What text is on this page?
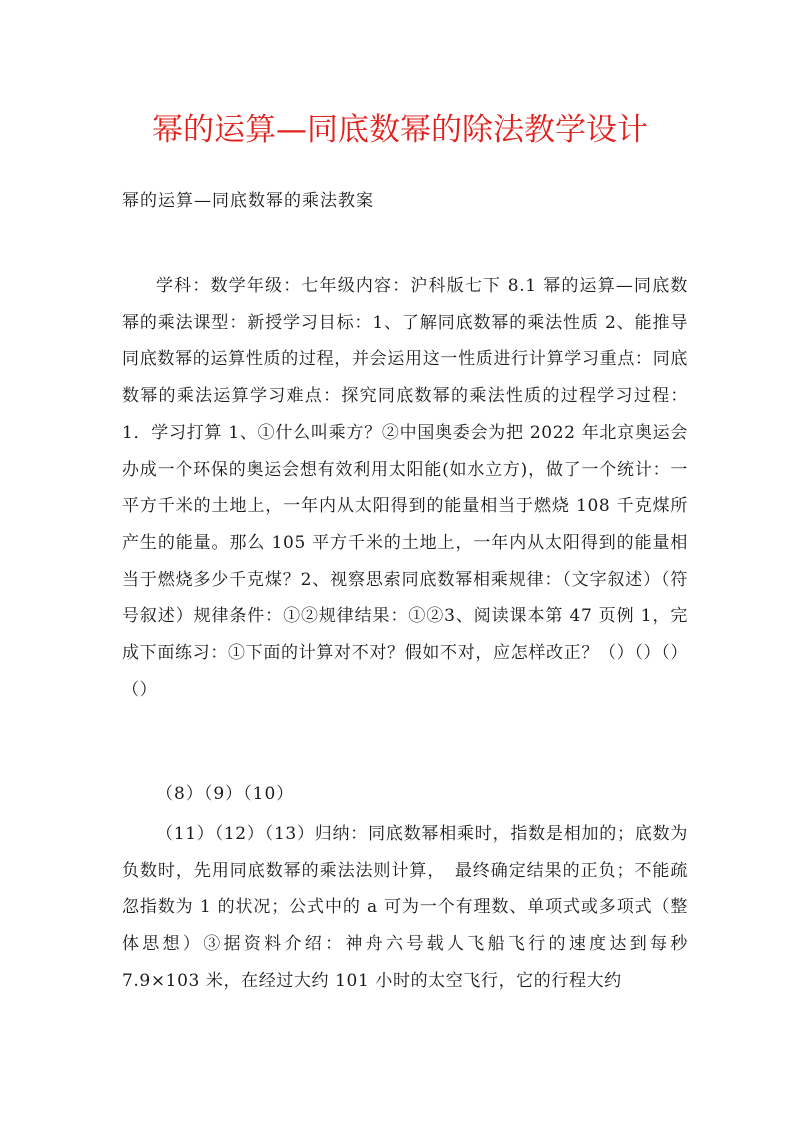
幂的运算—同底数幂的除法教学设计
幂的运算—同底数幂的乘法教案
学科：数学年级：七年级内容：沪科版七下 8.1 幂的运算—同底数幂的乘法课型：新授学习目标：1、了解同底数幂的乘法性质 2、能推导同底数幂的运算性质的过程，并会运用这一性质进行计算学习重点：同底数幂的乘法运算学习难点：探究同底数幂的乘法性质的过程学习过程：1．学习打算 1、①什么叫乘方？②中国奥委会为把 2022 年北京奥运会办成一个环保的奥运会想有效利用太阳能(如水立方)，做了一个统计：一平方千米的土地上，一年内从太阳得到的能量相当于燃烧 108 千克煤所产生的能量。那么 105 平方千米的土地上，一年内从太阳得到的能量相当于燃烧多少千克煤？2、视察思索同底数幂相乘规律：（文字叙述）（符号叙述）规律条件：①②规律结果：①②3、阅读课本第 47 页例 1，完成下面练习：①下面的计算对不对？假如不对，应怎样改正？（）（）（）（）
（8）（9）（10）
（11）（12）（13）归纳：同底数幂相乘时，指数是相加的；底数为负数时，先用同底数幂的乘法法则计算，　最终确定结果的正负；不能疏忽指数为 1 的状况；公式中的 a 可为一个有理数、单项式或多项式（整体思想）③据资料介绍：神舟六号载人飞船飞行的速度达到每秒 7.9×103 米，在经过大约 101 小时的太空飞行，它的行程大约
